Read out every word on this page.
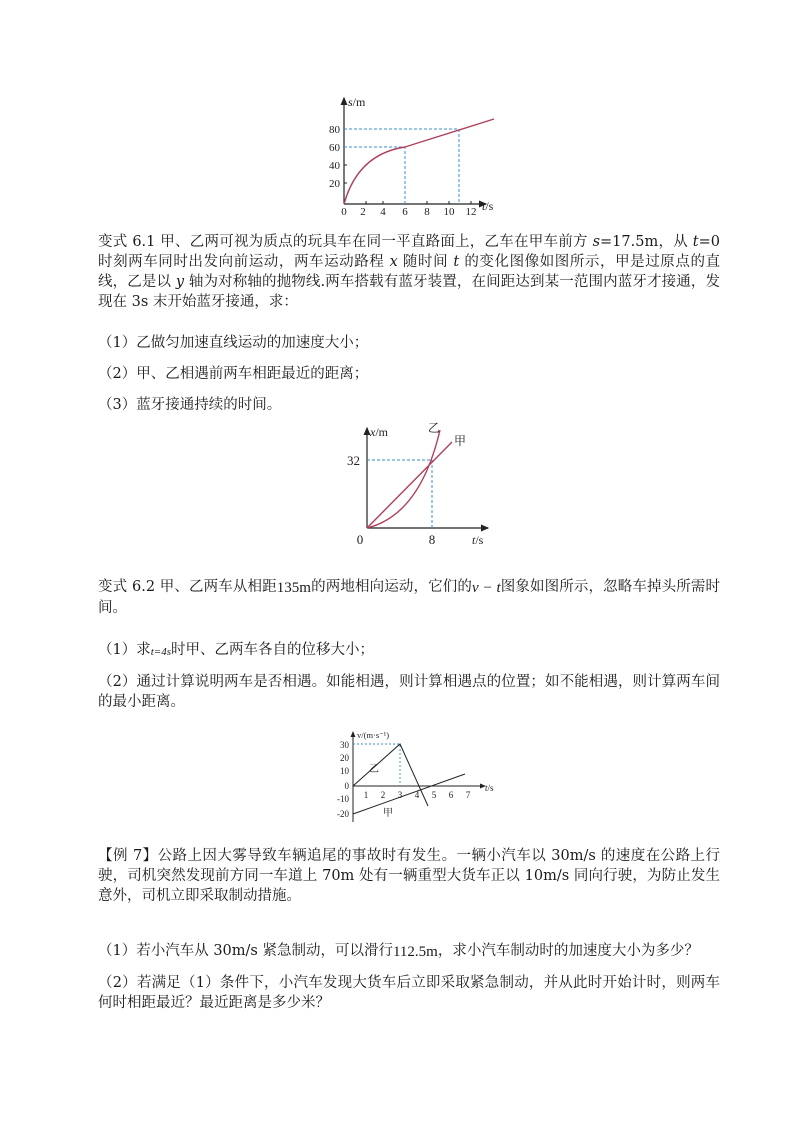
s/m
t/s
20
40
60
80
0 2 4 6 8 10 12

变式 6.1 甲、乙两可视为质点的玩具车在同一平直路面上，乙车在甲车前方 s=17.5m，从 t=0 时刻两车同时出发向前运动，两车运动路程 x 随时间 t 的变化图像如图所示，甲是过原点的直线，乙是以 y 轴为对称轴的抛物线.两车搭载有蓝牙装置，在间距达到某一范围内蓝牙才接通，发现在 3s 末开始蓝牙接通，求：

（1）乙做匀加速直线运动的加速度大小；

（2）甲、乙相遇前两车相距最近的距离；

（3）蓝牙接通持续的时间。

x/m
t/s
32
8
0
乙
甲

变式 6.2 甲、乙两车从相距135m的两地相向运动，它们的v − t图象如图所示，忽略车掉头所需时间。

（1）求t=4s时甲、乙两车各自的位移大小；

（2）通过计算说明两车是否相遇。如能相遇，则计算相遇点的位置；如不能相遇，则计算两车间的最小距离。

v/(m·s⁻¹)
t/s
30
20
10
0
-10
-20
1 2 3 4 5 6 7
乙
甲

【例 7】公路上因大雾导致车辆追尾的事故时有发生。一辆小汽车以 30m/s 的速度在公路上行驶，司机突然发现前方同一车道上 70m 处有一辆重型大货车正以 10m/s 同向行驶，为防止发生意外，司机立即采取制动措施。

（1）若小汽车从 30m/s 紧急制动，可以滑行112.5m，求小汽车制动时的加速度大小为多少？

（2）若满足（1）条件下，小汽车发现大货车后立即采取紧急制动，并从此时开始计时，则两车何时相距最近？最近距离是多少米？
